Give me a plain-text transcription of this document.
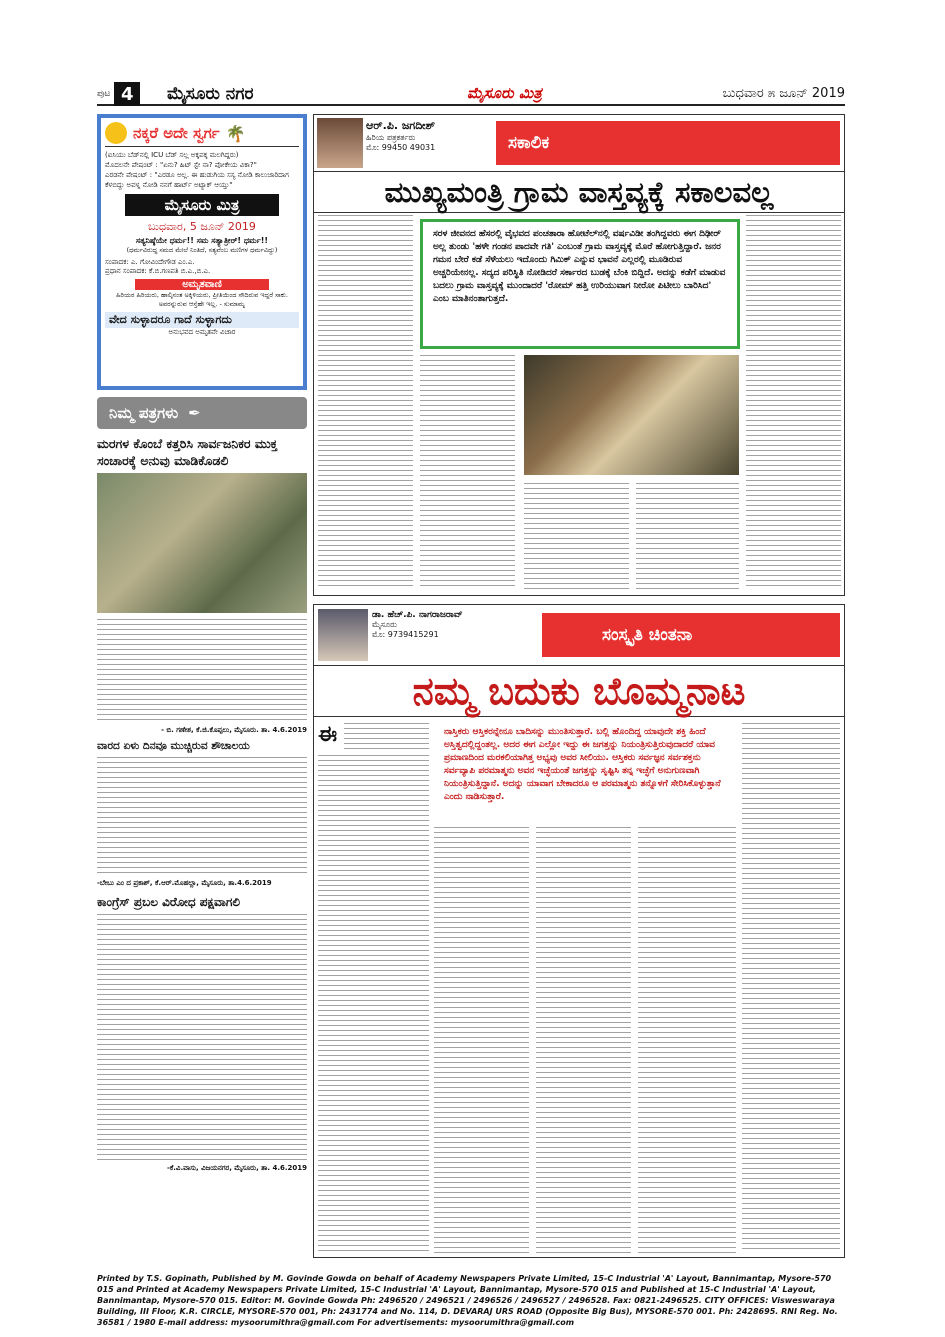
ಪುಟ 4	ಮೈಸೂರು ನಗರ	ಮೈಸೂರು ಮಿತ್ರ	ಬುಧವಾರ ೫ ಜೂನ್ 2019
ನಕ್ಕರೆ ಅದೇ ಸ್ವರ್ಗ 🌴
(ಐಸಿಯು ಬೆಡ್‌ನಲ್ಲಿ ICU ಬೆಡ್ ಸಲ್ಲ ಅಕ್ಕಪಕ್ಕ ಮಲಗಿದ್ದರು)
ಮೊದಲನೇ ಪೇಷಂಟ್ : "ಏನು? ಹಿಟ್ ಸ್ಟೇ ನಾ? ಪೋಕೇಯ ವಿಕಾ?"
ಎರಡನೇ ಪೇಷಂಟ್ : "ಎರಡೂ ಅಲ್ಲ. ಈ ಹುಡುಗಿಯ ಸಸ್ಯ ನೋಡಿ ಕಾಲುಜಾರಿದಾಗ ಕೆಳಬಿದ್ದು ಅವಳ್ನ ನೋಡಿ ನನಗೆ ಹಾರ್ಟ್ ಅಟ್ಯಾಕ್ ಆಯ್ತು"
ಮೈಸೂರು ಮಿತ್ರ
ಬುಧವಾರ, 5 ಜೂನ್ 2019
ಸತ್ಯನಿಷ್ಠೆಯೇ ಧರ್ಮ!! ಸಮ ಸತ್ಯಾತ್ರೀರ್! ಧರ್ಮ!!
(ಧರ್ಮವಿರುದ್ಧ ಸಮದ ಮೇಲೆ ನಿಂತಿದೆ, ಸತ್ಯವೆಂಬ ಮಣಿಗಳ ಧರ್ಮವಿದ್ದು)
ಸಂಪಾದಕ: ಎ. ಗೋವಿಂದೇಗೌಡ ಎಂ.ಎ.
ಪ್ರಧಾನ ಸಂಪಾದಕ: ಕೆ.ಬಿ.ಗಣಪತಿ ಬಿ.ಎ.,ಬಿ.ಎ.
ಅಮೃತವಾಣಿ
ಹಿರಿಯರ ಹಿರಿಯರು, ಹಾಲ್ಕಿನಂತ ಅಕ್ಕಿಳಿಯರು, ಪ್ರೀತಿಯಿಂದ ಸೌದಿರುವ ಇದ್ದರೆ ಸಾಕು. ಅವರನ್ನುರುವ ಆಸ್ತೆಹೇ ಇಲ್ಲ. - ಸುಮಾಮೃ
ವೇದ ಸುಳ್ಳಾದರೂ ಗಾದೆ ಸುಳ್ಳಾಗದು
ಅನುಭವದ ಅಮೃತವೇ ವಿಚಾರ
ನಿಮ್ಮ ಪತ್ರಗಳು ✒
ಮರಗಳ ಕೊಂಬೆ ಕತ್ತರಿಸಿ ಸಾರ್ವಜನಿಕರ ಮುಕ್ತ ಸಂಚಾರಕ್ಕೆ ಅನುವು ಮಾಡಿಕೊಡಲಿ
- ಬಿ. ಗಣೇಶ, ಕೆ.ಜಿ.ಕೊಪ್ಪಲು, ಮೈಸೂರು. ತಾ. 4.6.2019
ವಾರದ ಏಳು ದಿನವೂ ಮುಚ್ಚಿರುವ ಶೌಚಾಲಯ
-ಬೇಬು ಎಂ ದ ಪ್ರಕಾಶ್, ಕೆ.ಆರ್.ಮೊಹಲ್ಲಾ, ಮೈಸೂರು, ತಾ.4.6.2019
ಕಾಂಗ್ರೆಸ್ ಪ್ರಬಲ ವಿರೋಧ ಪಕ್ಷವಾಗಲಿ
-ಕೆ.ವಿ.ವಾಸು, ವಿಜಯನಗರ, ಮೈಸೂರು, ತಾ. 4.6.2019
ಆರ್.ಪಿ. ಜಗದೀಶ್
ಹಿರಿಯ ಪತ್ರಕರ್ತರು
ಮೊ: 99450 49031	ಸಕಾಲಿಕ
ಮುಖ್ಯಮಂತ್ರಿ ಗ್ರಾಮ ವಾಸ್ತವ್ಯಕ್ಕೆ ಸಕಾಲವಲ್ಲ
ಸರಳ ಜೀವನದ ಹೆಸರಲ್ಲಿ ವೈಭವದ ಪಂಚತಾರಾ ಹೋಟೆಲ್‌ನಲ್ಲಿ ವರ್ಷವಿಡೀ ತಂಗಿದ್ದವರು ಈಗ ದಿಢೀರ್ ಅಲ್ಲ ತುಂಡು 'ಹಳೇ ಗಂಡನ ಪಾದವೇ ಗತಿ' ಎಂಬಂತೆ ಗ್ರಾಮ ವಾಸ್ತವ್ಯಕ್ಕೆ ಮೊರೆ ಹೋಗುತ್ತಿದ್ದಾರೆ. ಜನರ ಗಮನ ಬೇರೆ ಕಡೆ ಸೆಳೆಯಲು ಇದೊಂದು ಗಿಮಿಕ್ ಎನ್ನುವ ಭಾವನೆ ಎಲ್ಲರಲ್ಲಿ ಮೂಡಿರುವ ಅಚ್ಚರಿಯೇನಲ್ಲ. ಸದ್ಯದ ಪರಿಸ್ಥಿತಿ ನೋಡಿದರೆ ಸರ್ಕಾರದ ಬುಡಕ್ಕೆ ಬೆಂಕಿ ಬಿದ್ದಿದೆ. ಅದನ್ನು ಕಡೆಗೆ ಮಾಡುವ ಬದಲು ಗ್ರಾಮ ವಾಸ್ತವ್ಯಕ್ಕೆ ಮುಂದಾದರೆ 'ರೋಮ್ ಹತ್ತಿ ಉರಿಯುವಾಗ ನೀರೋ ಪಿಟೀಲು ಬಾರಿಸಿದ' ಎಂಬ ಮಾತಿನಂತಾಗುತ್ತದೆ.
ಡಾ. ಹೆಚ್.ಪಿ. ನಾಗರಾಜರಾವ್
ಮೈಸೂರು
ಮೊ: 9739415291	ಸಂಸ್ಕೃತಿ ಚಿಂತನಾ
ನಮ್ಮ ಬದುಕು ಬೊಮ್ಮನಾಟ
ಈ	ನಾಸ್ತಿಕರು ಆಸ್ತಿಕರನ್ನೇನೂ ಬಾದಿಸನ್ನು ಮುಂತಿಸುತ್ತಾರೆ. ಬಲ್ಲಿ ಹೊಂದಿದ್ದ ಯಾವುದೇ ಶಕ್ತಿ ಹಿಂದೆ ಅಸ್ತಿತ್ವದಲ್ಲಿದ್ದಂತಲ್ಲ. ಅದರ ಈಗ ಎಲ್ಲೋ ಇದ್ದು ಈ ಜಗತ್ತನ್ನು ನಿಯಂತ್ರಿಸುತ್ತಿರುವುದಾದರೆ ಯಾವ ಪ್ರಮಾಣದಿಂದ ಮರಕಲಿಯಾಗಿತ್ತ ಅಭ್ಯವು ಅವರ ಸೀಲಿಯು. ಆಸ್ತಿಕರು ಸರ್ವಜ್ಞನ ಸರ್ವಶಕ್ತನು ಸರ್ವವ್ಯಾಪಿ ಪರಮಾತ್ಮನು ಅವನ ಇಚ್ಛೆಯಂತೆ ಜಗತ್ತನ್ನು ಸೃಷ್ಟಿಸಿ ತನ್ನ ಇಚ್ಛೆಗೆ ಅನುಗುಣವಾಗಿ ನಿಯಂತ್ರಿಸುತ್ತಿದ್ದಾನೆ. ಅದನ್ನು ಯಾವಾಗ ಬೇಕಾದರೂ ಆ ಪರಮಾತ್ಮನು ತನ್ನೊಳಗೆ ಸೇರಿಸಿಕೊಳ್ಳುತ್ತಾನೆ ಎಂದು ನಾಡಿಸುತ್ತಾರೆ.
Printed by T.S. Gopinath, Published by M. Govinde Gowda on behalf of Academy Newspapers Private Limited, 15-C Industrial 'A' Layout, Bannimantap, Mysore-570 015 and Printed at Academy Newspapers Private Limited, 15-C Industrial 'A' Layout, Bannimantap, Mysore-570 015 and Published at 15-C Industrial 'A' Layout, Bannimantap, Mysore-570 015. Editor: M. Govinde Gowda Ph: 2496520 / 2496521 / 2496526 / 2496527 / 2496528. Fax: 0821-2496525. CITY OFFICES: Visweswaraya Building, III Floor, K.R. CIRCLE, MYSORE-570 001, Ph: 2431774 and No. 114, D. DEVARAJ URS ROAD (Opposite Big Bus), MYSORE-570 001. Ph: 2428695. RNI Reg. No. 36581 / 1980 E-mail address: mysoorumithra@gmail.com For advertisements: mysoorumithra@gmail.com
